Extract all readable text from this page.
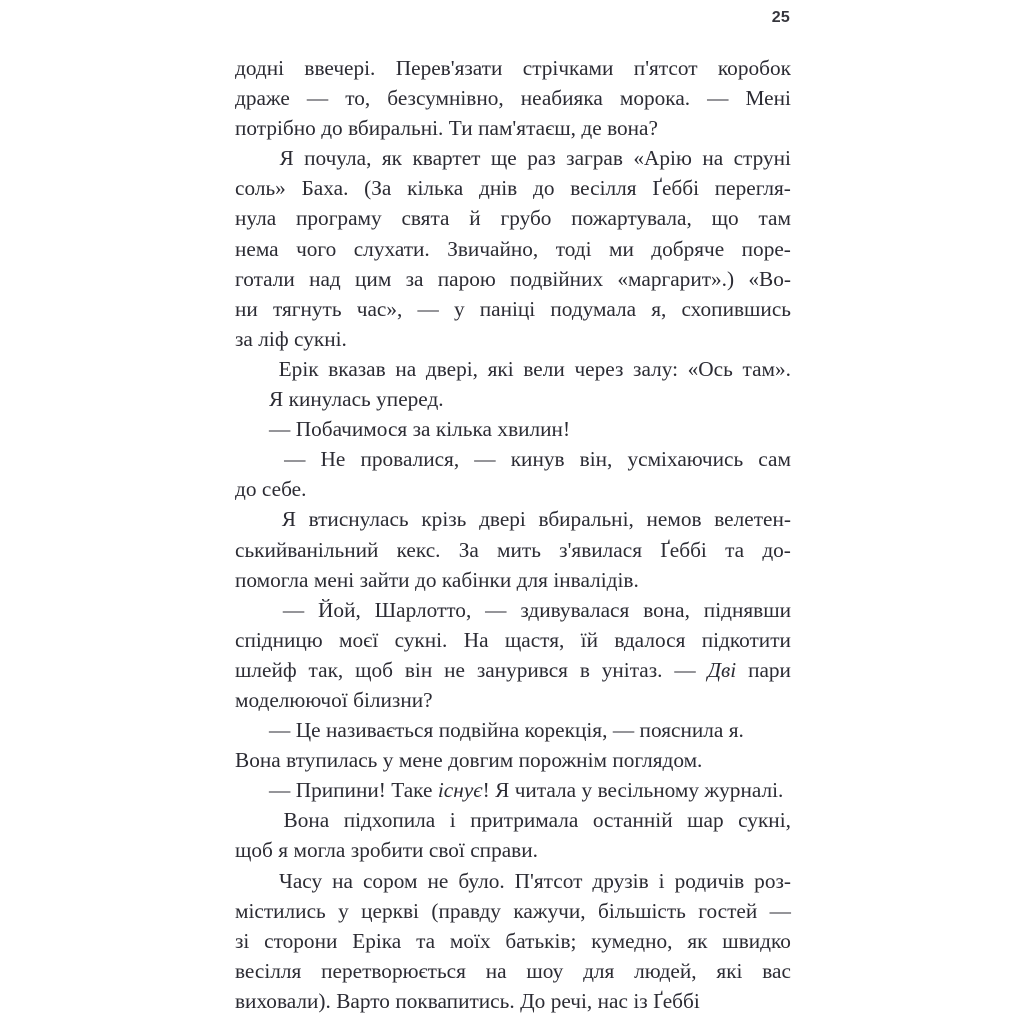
25

додні ввечері. Перев'язати стрічками п'ятсот коробок
драже — то, безсумнівно, неабияка морока. — Мені
потрібно до вбиральні. Ти пам'ятаєш, де вона?

Я почула, як квартет ще раз заграв «Арію на струні
соль» Баха. (За кілька днів до весілля Ґеббі перегля-
нула програму свята й грубо пожартувала, що там
нема чого слухати. Звичайно, тоді ми добряче поре-
готали над цим за парою подвійних «маргарит».) «Во-
ни тягнуть час», — у паніці подумала я, схопившись
за ліф сукні.

Ерік вказав на двері, які вели через залу: «Ось там».
Я кинулась уперед.

— Побачимося за кілька хвилин!

— Не провалися, — кинув він, усміхаючись сам
до себе.

Я втиснулась крізь двері вбиральні, немов велетен-
ськийванільний кекс. За мить з'явилася Ґеббі та до-
помогла мені зайти до кабінки для інвалідів.

— Йой, Шарлотто, — здивувалася вона, піднявши
спідницю моєї сукні. На щастя, їй вдалося підкотити
шлейф так, щоб він не занурився в унітаз. — Дві пари
моделюючої білизни?

— Це називається подвійна корекція, — пояснила я.
Вона втупилась у мене довгим порожнім поглядом.

— Припини! Таке існує! Я читала у весільному журналі.

Вона підхопила і притримала останній шар сукні,
щоб я могла зробити свої справи.

Часу на сором не було. П'ятсот друзів і родичів роз-
містились у церкві (правду кажучи, більшість гостей —
зі сторони Еріка та моїх батьків; кумедно, як швидко
весілля перетворюється на шоу для людей, які вас
виховали). Варто поквапитись. До речі, нас із Ґеббі
